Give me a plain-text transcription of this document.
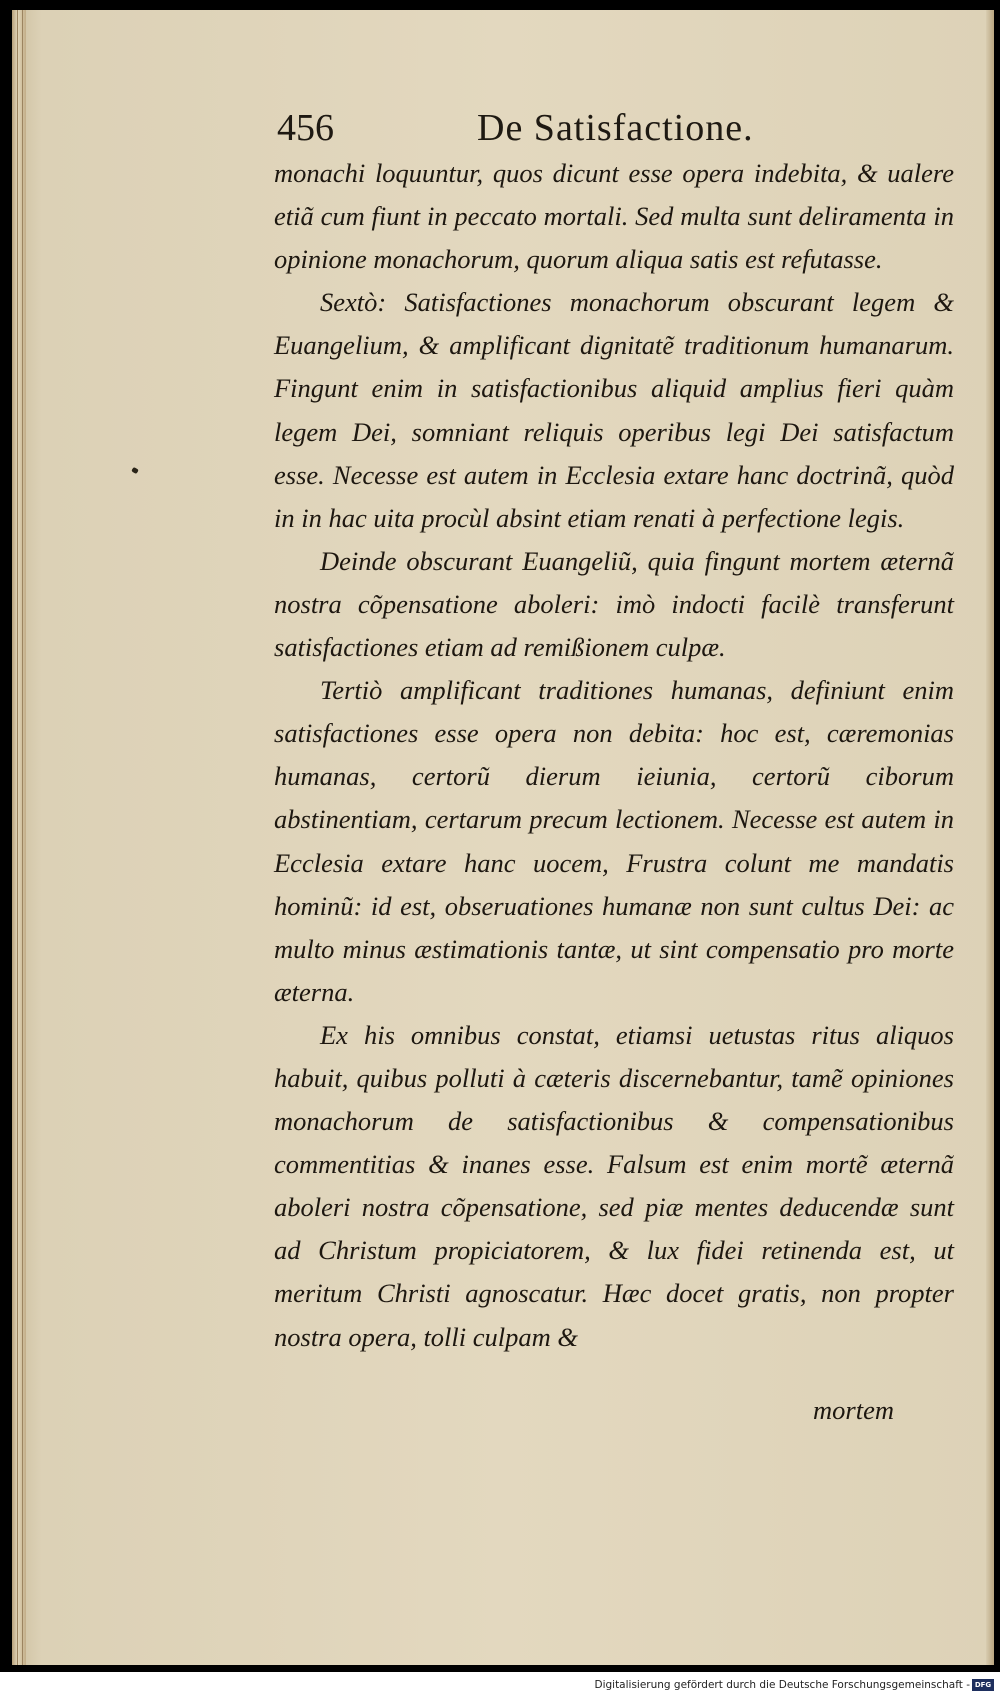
456	De Satisfactione.

monachi loquuntur, quos dicunt esse opera indebita, & ualere etiã cum fiunt in peccato mortali. Sed multa sunt deliramenta in opinione monachorum, quorum aliqua satis est refutasse.

Sextò: Satisfactiones monachorum obscurant legem & Euangelium, & amplificant dignitatẽ traditionum humanarum. Fingunt enim in satisfactionibus aliquid amplius fieri quàm legem Dei, somniant reliquis operibus legi Dei satisfactum esse. Necesse est autem in Ecclesia extare hanc doctrinã, quòd in in hac uita procùl absint etiam renati à perfectione legis.

Deinde obscurant Euangeliũ, quia fingunt mortem æternã nostra cõpensatione aboleri: imò indocti facilè transferunt satisfactiones etiam ad remißionem culpæ.

Tertiò amplificant traditiones humanas, definiunt enim satisfactiones esse opera non debita: hoc est, cæremonias humanas, certorũ dierum ieiunia, certorũ ciborum abstinentiam, certarum precum lectionem. Necesse est autem in Ecclesia extare hanc uocem, Frustra colunt me mandatis hominũ: id est, obseruationes humanæ non sunt cultus Dei: ac multo minus æstimationis tantæ, ut sint compensatio pro morte æterna.

Ex his omnibus constat, etiamsi uetustas ritus aliquos habuit, quibus polluti à cæteris discernebantur, tamẽ opiniones monachorum de satisfactionibus & compensationibus commentitias & inanes esse. Falsum est enim mortẽ æternã aboleri nostra cõpensatione, sed piæ mentes deducendæ sunt ad Christum propiciatorem, & lux fidei retinenda est, ut meritum Christi agnoscatur. Hæc docet gratis, non propter nostra opera, tolli culpam &

mortem
Digitalisierung gefördert durch die Deutsche Forschungsgemeinschaft - DFG
